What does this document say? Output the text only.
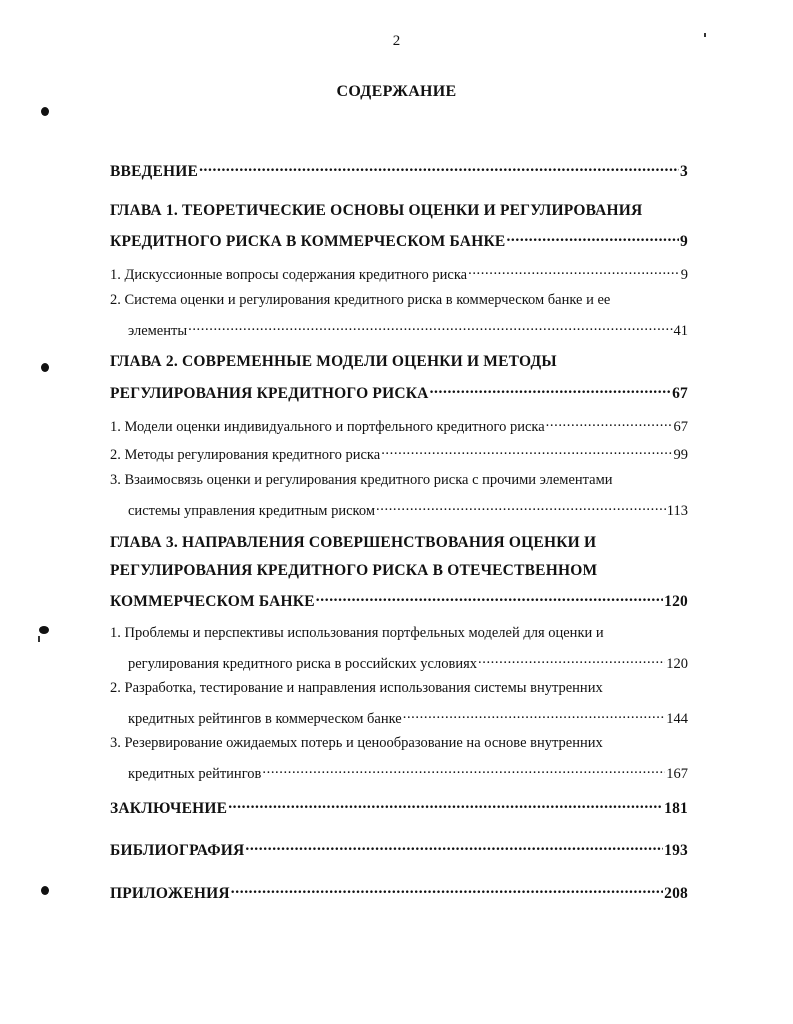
2
СОДЕРЖАНИЕ
ВВЕДЕНИЕ .....	3
ГЛАВА 1. ТЕОРЕТИЧЕСКИЕ ОСНОВЫ ОЦЕНКИ И РЕГУЛИРОВАНИЯ
КРЕДИТНОГО РИСКА В КОММЕРЧЕСКОМ БАНКЕ .....	9
1. Дискуссионные вопросы содержания кредитного риска .....	9
2. Система оценки и регулирования кредитного риска в коммерческом банке и ее
элементы .....	41
ГЛАВА 2. СОВРЕМЕННЫЕ МОДЕЛИ ОЦЕНКИ И МЕТОДЫ
РЕГУЛИРОВАНИЯ КРЕДИТНОГО РИСКА .....	67
1. Модели оценки индивидуального и портфельного кредитного риска .....	67
2. Методы регулирования кредитного риска .....	99
3. Взаимосвязь оценки и регулирования кредитного риска с прочими элементами
системы управления кредитным риском .....	113
ГЛАВА 3. НАПРАВЛЕНИЯ СОВЕРШЕНСТВОВАНИЯ ОЦЕНКИ И
РЕГУЛИРОВАНИЯ КРЕДИТНОГО РИСКА В ОТЕЧЕСТВЕННОМ
КОММЕРЧЕСКОМ БАНКЕ .....	120
1. Проблемы и перспективы использования портфельных моделей для оценки и
регулирования кредитного риска в российских условиях .....	120
2. Разработка, тестирование и направления использования системы внутренних
кредитных рейтингов в коммерческом банке .....	144
3. Резервирование ожидаемых потерь и ценообразование на основе внутренних
кредитных рейтингов .....	167
ЗАКЛЮЧЕНИЕ .....	181
БИБЛИОГРАФИЯ .....	193
ПРИЛОЖЕНИЯ .....	208
